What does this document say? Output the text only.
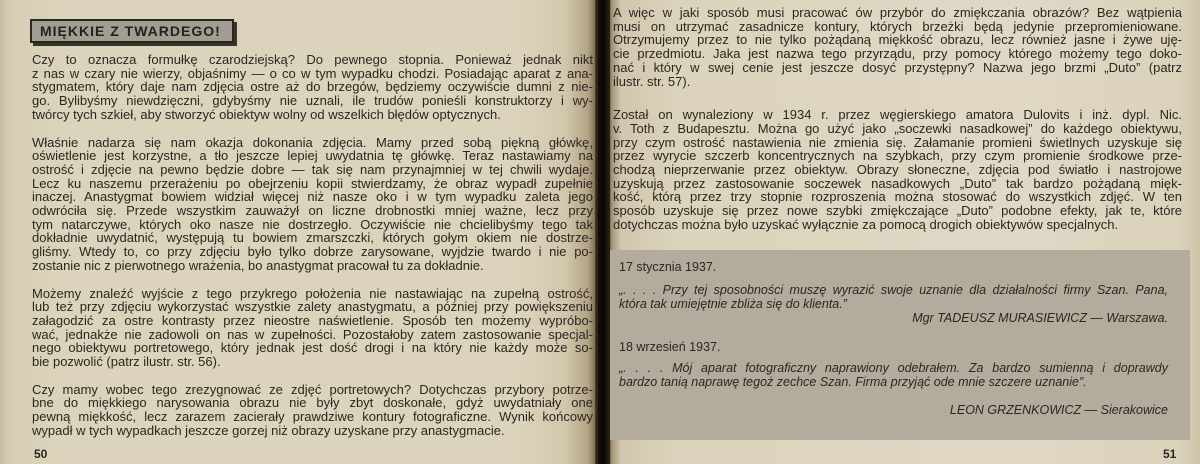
MIĘKKIE Z TWARDEGO!
Czy to oznacza formułkę czarodziejską? Do pewnego stopnia. Ponieważ jednak nikt
z nas w czary nie wierzy, objaśnimy — o co w tym wypadku chodzi. Posiadając aparat z ana-
stygmatem, który daje nam zdjęcia ostre aż do brzegów, będziemy oczywiście dumni z nie-
go. Bylibyśmy niewdzięczni, gdybyśmy nie uznali, ile trudów ponieśli konstruktorzy i wy-
twórcy tych szkieł, aby stworzyć obiektyw wolny od wszelkich błędów optycznych.
Właśnie nadarza się nam okazja dokonania zdjęcia. Mamy przed sobą piękną główkę,
oświetlenie jest korzystne, a tło jeszcze lepiej uwydatnia tę główkę. Teraz nastawiamy na
ostrość i zdjęcie na pewno będzie dobre — tak się nam przynajmniej w tej chwili wydaje.
Lecz ku naszemu przerażeniu po obejrzeniu kopii stwierdzamy, że obraz wypadł zupełnie
inaczej. Anastygmat bowiem widział więcej niż nasze oko i w tym wypadku zaleta jego
odwróciła się. Przede wszystkim zauważył on liczne drobnostki mniej ważne, lecz przy
tym natarczywe, których oko nasze nie dostrzegło. Oczywiście nie chcielibyśmy tego tak
dokładnie uwydatnić, występują tu bowiem zmarszczki, których gołym okiem nie dostrze-
gliśmy. Wtedy to, co przy zdjęciu było tylko dobrze zarysowane, wyjdzie twardo i nie po-
zostanie nic z pierwotnego wrażenia, bo anastygmat pracował tu za dokładnie.
Możemy znaleźć wyjście z tego przykrego położenia nie nastawiając na zupełną ostrość,
lub też przy zdjęciu wykorzystać wszystkie zalety anastygmatu, a później przy powiększeniu
załagodzić za ostre kontrasty przez nieostre naświetlenie. Sposób ten możemy wypróbo-
wać, jednakże nie zadowoli on nas w zupełności. Pozostałoby zatem zastosowanie specjal-
nego obiektywu portretowego, który jednak jest dość drogi i na który nie każdy może so-
bie pozwolić (patrz ilustr. str. 56).
Czy mamy wobec tego zrezygnować ze zdjęć portretowych? Dotychczas przybory potrze-
bne do miękkiego narysowania obrazu nie były zbyt doskonałe, gdyż uwydatniały one
pewną miękkość, lecz zarazem zacierały prawdziwe kontury fotograficzne. Wynik końcowy
wypadł w tych wypadkach jeszcze gorzej niż obrazy uzyskane przy anastygmacie.
50
A więc w jaki sposób musi pracować ów przybór do zmiękczania obrazów? Bez wątpienia
musi on utrzymać zasadnicze kontury, których brzeżki będą jedynie przepromieniowane.
Otrzymujemy przez to nie tylko pożądaną miękkość obrazu, lecz również jasne i żywe uję-
cie przedmiotu. Jaka jest nazwa tego przyrządu, przy pomocy którego możemy tego doko-
nać i który w swej cenie jest jeszcze dosyć przystępny? Nazwa jego brzmi „Duto” (patrz
ilustr. str. 57).
Został on wynaleziony w 1934 r. przez węgierskiego amatora Dulovits i inż. dypl. Nic.
v. Toth z Budapesztu. Można go użyć jako „soczewki nasadkowej” do każdego obiektywu,
przy czym ostrość nastawienia nie zmienia się. Załamanie promieni świetlnych uzyskuje się
przez wyrycie szczerb koncentrycznych na szybkach, przy czym promienie środkowe prze-
chodzą nieprzerwanie przez obiektyw. Obrazy słoneczne, zdjęcia pod światło i nastrojowe
uzyskują przez zastosowanie soczewek nasadkowych „Duto” tak bardzo pożądaną mięk-
kość, którą przez trzy stopnie rozproszenia można stosować do wszystkich zdjęć. W ten
sposób uzyskuje się przez nowe szybki zmiękczające „Duto” podobne efekty, jak te, które
dotychczas można było uzyskać wyłącznie za pomocą drogich obiektywów specjalnych.
17 stycznia 1937.
„. . . . Przy tej sposobności muszę wyrazić swoje uznanie dla działalności firmy Szan. Pana,
która tak umiejętnie zbliża się do klienta.”
Mgr TADEUSZ MURASIEWICZ — Warszawa.
18 wrzesień 1937.
„. . . . Mój aparat fotograficzny naprawiony odebrałem. Za bardzo sumienną i doprawdy
bardzo tanią naprawę tegoż zechce Szan. Firma przyjąć ode mnie szczere uznanie”.
LEON GRZENKOWICZ — Sierakowice
51
